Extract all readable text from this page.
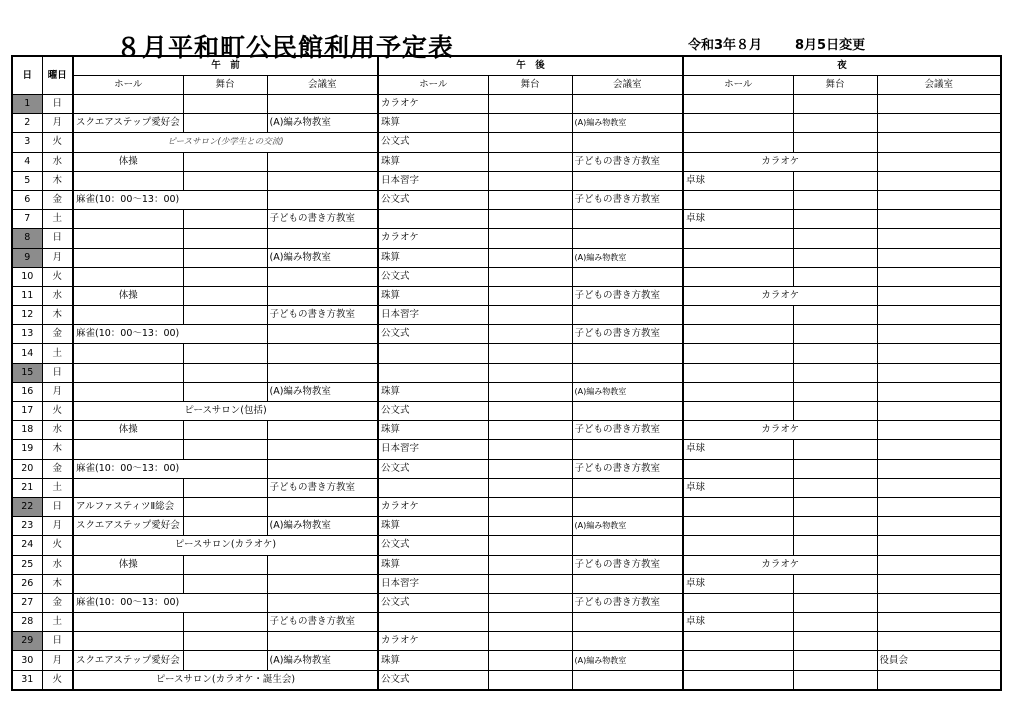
８月平和町公民館利用予定表	令和3年８月	8月5日変更
日	曜日	午　前			午　後			夜		
		ホール	舞台	会議室	ホール	舞台	会議室	ホール	舞台	会議室
1	日				カラオケ					
2	月	スクエアステップ愛好会		(A)編み物教室	珠算		(A)編み物教室			
3	火	ピースサロン(少学生との交流)			公文式					
4	水	体操			珠算		子どもの書き方教室	カラオケ		
5	木				日本習字			卓球		
6	金	麻雀(10：00～13：00)			公文式		子どもの書き方教室			
7	土			子どもの書き方教室				卓球		
8	日				カラオケ					
9	月			(A)編み物教室	珠算		(A)編み物教室			
10	火				公文式					
11	水	体操			珠算		子どもの書き方教室	カラオケ		
12	木			子どもの書き方教室	日本習字					
13	金	麻雀(10：00～13：00)			公文式		子どもの書き方教室			
14	土									
15	日									
16	月			(A)編み物教室	珠算		(A)編み物教室			
17	火	ピースサロン(包括)			公文式					
18	水	体操			珠算		子どもの書き方教室	カラオケ		
19	木				日本習字			卓球		
20	金	麻雀(10：00～13：00)			公文式		子どもの書き方教室			
21	土			子どもの書き方教室				卓球		
22	日	アルファスティツⅡ総会			カラオケ					
23	月	スクエアステップ愛好会		(A)編み物教室	珠算		(A)編み物教室			
24	火	ピースサロン(カラオケ)			公文式					
25	水	体操			珠算		子どもの書き方教室	カラオケ		
26	木				日本習字			卓球		
27	金	麻雀(10：00～13：00)			公文式		子どもの書き方教室			
28	土			子どもの書き方教室				卓球		
29	日				カラオケ					
30	月	スクエアステップ愛好会		(A)編み物教室	珠算		(A)編み物教室			役員会
31	火	ピースサロン(カラオケ・誕生会)			公文式					
